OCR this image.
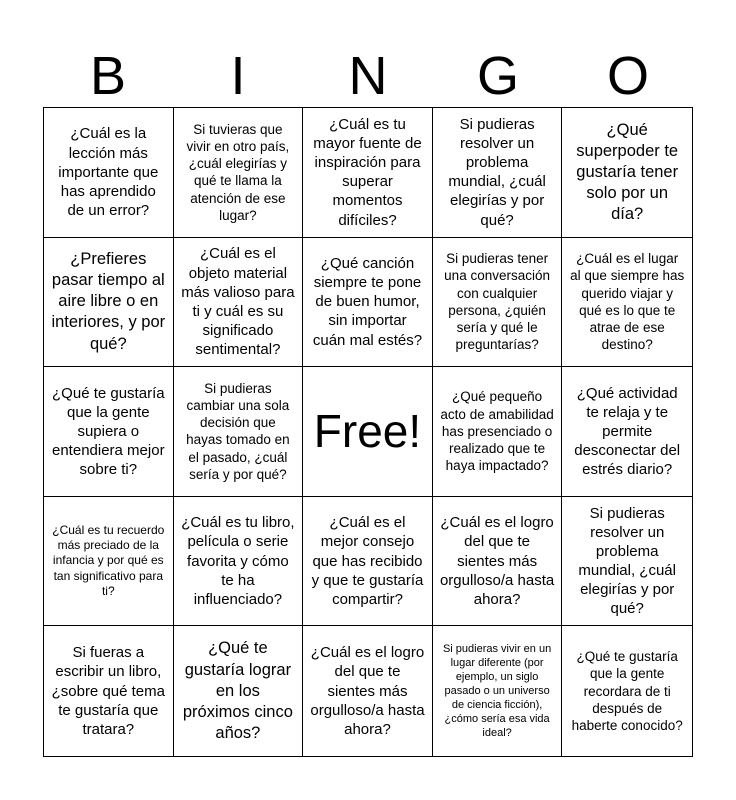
B	I	N	G	O
¿Cuál es la lección más importante que has aprendido de un error?
Si tuvieras que vivir en otro país, ¿cuál elegirías y qué te llama la atención de ese lugar?
¿Cuál es tu mayor fuente de inspiración para superar momentos difíciles?
Si pudieras resolver un problema mundial, ¿cuál elegirías y por qué?
¿Qué superpoder te gustaría tener solo por un día?
¿Prefieres pasar tiempo al aire libre o en interiores, y por qué?
¿Cuál es el objeto material más valioso para ti y cuál es su significado sentimental?
¿Qué canción siempre te pone de buen humor, sin importar cuán mal estés?
Si pudieras tener una conversación con cualquier persona, ¿quién sería y qué le preguntarías?
¿Cuál es el lugar al que siempre has querido viajar y qué es lo que te atrae de ese destino?
¿Qué te gustaría que la gente supiera o entendiera mejor sobre ti?
Si pudieras cambiar una sola decisión que hayas tomado en el pasado, ¿cuál sería y por qué?
Free!
¿Qué pequeño acto de amabilidad has presenciado o realizado que te haya impactado?
¿Qué actividad te relaja y te permite desconectar del estrés diario?
¿Cuál es tu recuerdo más preciado de la infancia y por qué es tan significativo para ti?
¿Cuál es tu libro, película o serie favorita y cómo te ha influenciado?
¿Cuál es el mejor consejo que has recibido y que te gustaría compartir?
¿Cuál es el logro del que te sientes más orgulloso/a hasta ahora?
Si pudieras resolver un problema mundial, ¿cuál elegirías y por qué?
Si fueras a escribir un libro, ¿sobre qué tema te gustaría que tratara?
¿Qué te gustaría lograr en los próximos cinco años?
¿Cuál es el logro del que te sientes más orgulloso/a hasta ahora?
Si pudieras vivir en un lugar diferente (por ejemplo, un siglo pasado o un universo de ciencia ficción), ¿cómo sería esa vida ideal?
¿Qué te gustaría que la gente recordara de ti después de haberte conocido?
